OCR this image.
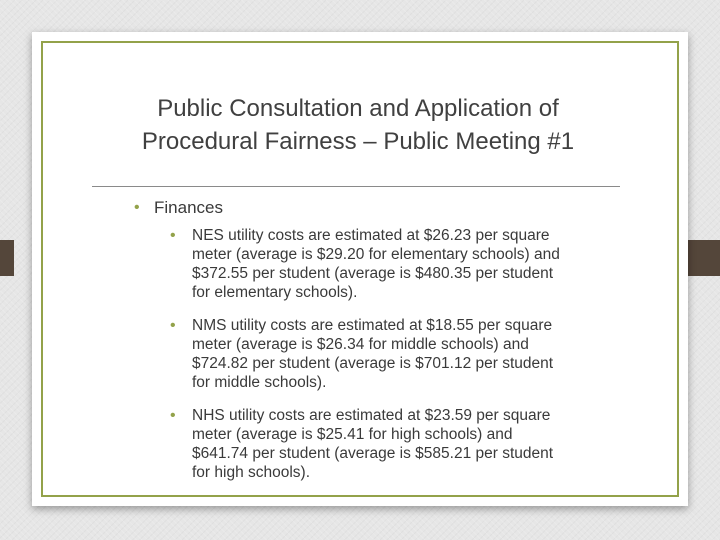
Public Consultation and Application of
Procedural Fairness – Public Meeting #1
• Finances
• NES utility costs are estimated at $26.23 per square
meter (average is $29.20 for elementary schools) and
$372.55 per student (average is $480.35 per student
for elementary schools).
• NMS utility costs are estimated at $18.55 per square
meter (average is $26.34 for middle schools) and
$724.82 per student (average is $701.12 per student
for middle schools).
• NHS utility costs are estimated at $23.59 per square
meter (average is $25.41 for high schools) and
$641.74 per student (average is $585.21 per student
for high schools).
